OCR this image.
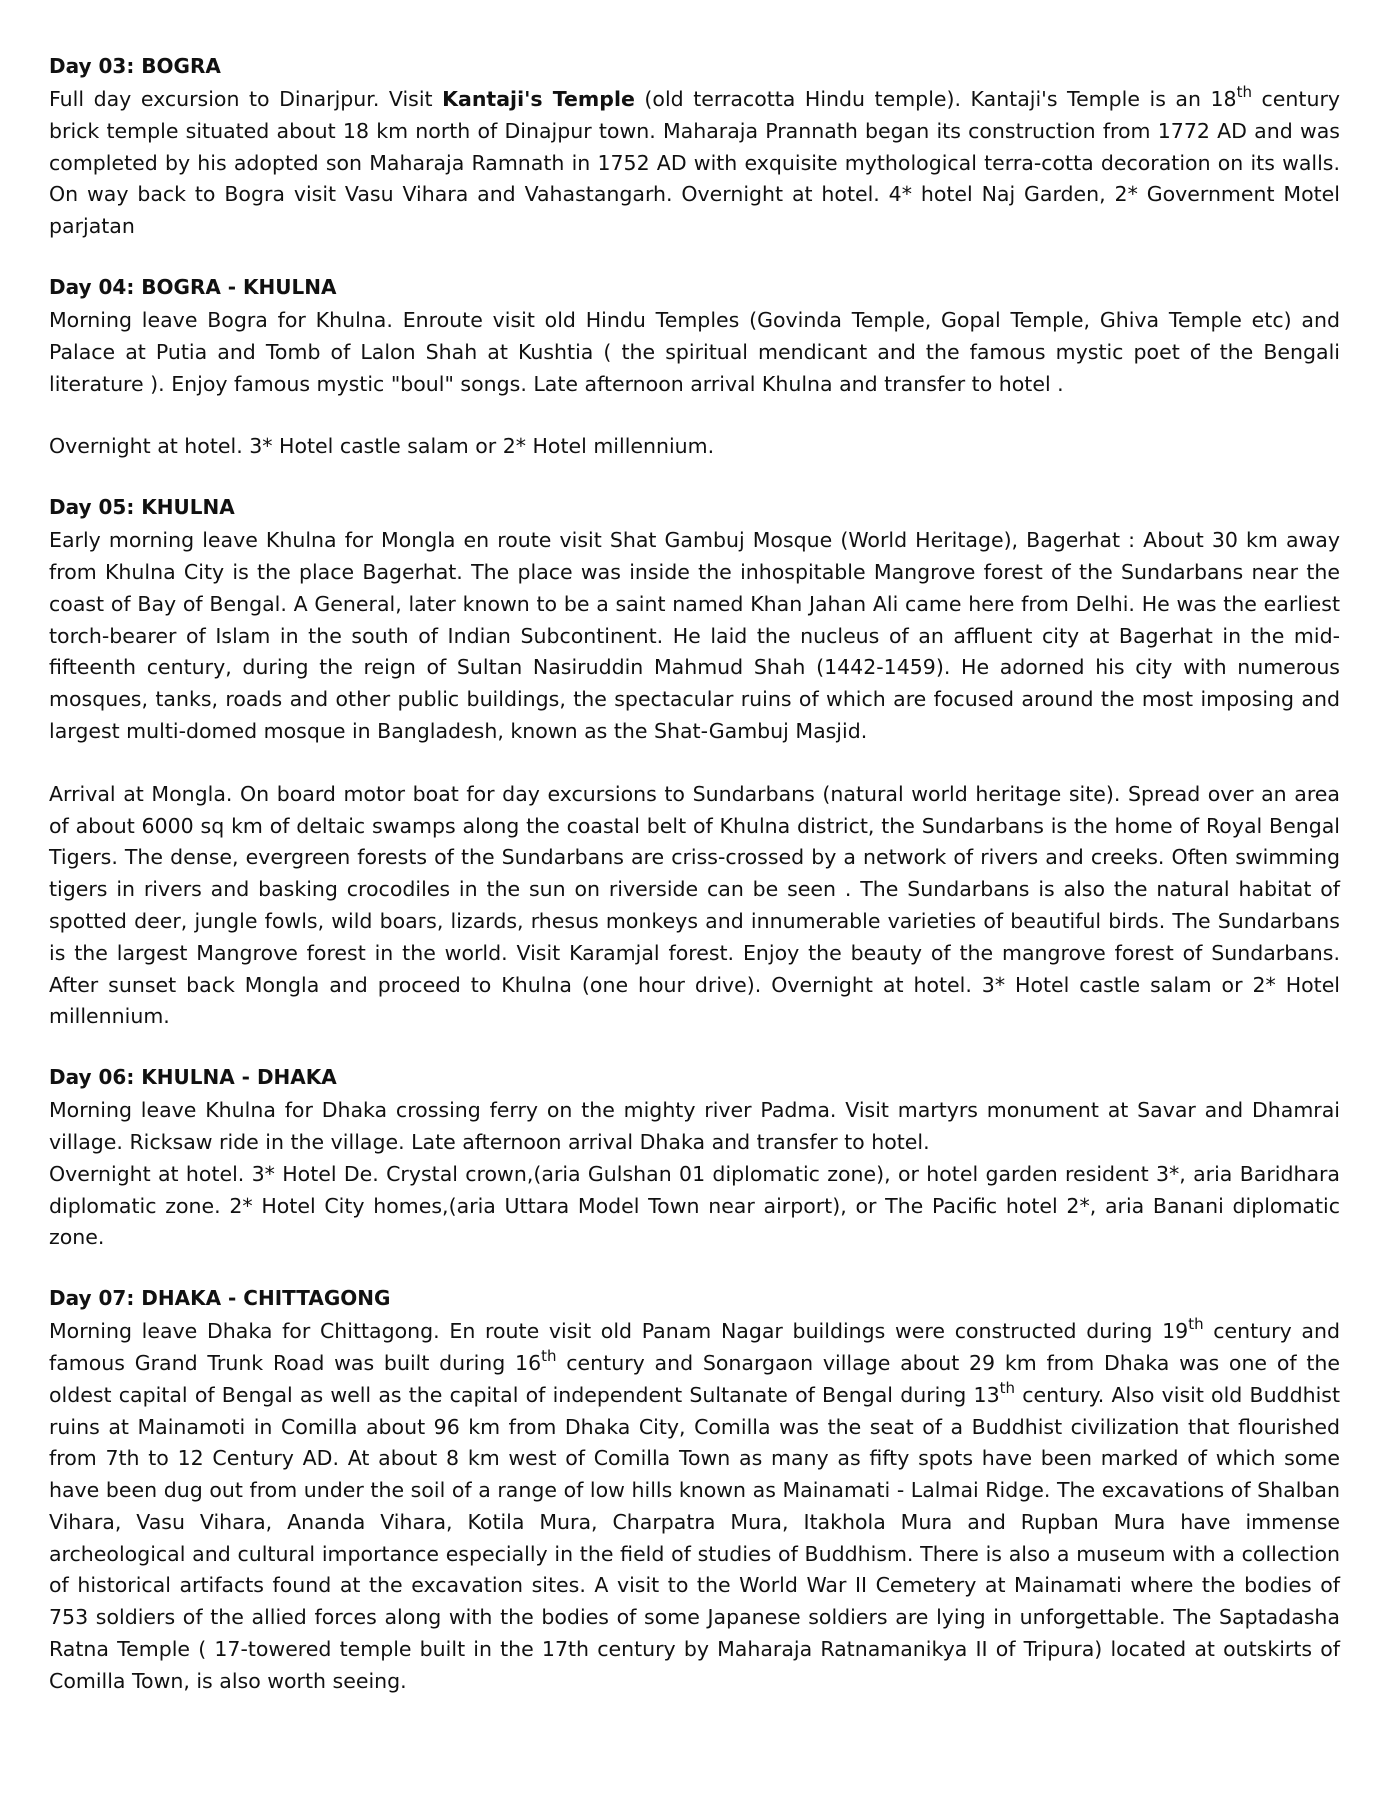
Day 03: BOGRA

Full day excursion to Dinarjpur. Visit Kantaji's Temple (old terracotta Hindu temple). Kantaji's Temple is an 18th century brick temple situated about 18 km north of Dinajpur town. Maharaja Prannath began its construction from 1772 AD and was completed by his adopted son Maharaja Ramnath in 1752 AD with exquisite mythological terra-cotta decoration on its walls. On way back to Bogra visit Vasu Vihara and Vahastangarh. Overnight at hotel. 4* hotel Naj Garden, 2* Government Motel parjatan

Day 04: BOGRA - KHULNA

Morning leave Bogra for Khulna. Enroute visit old Hindu Temples (Govinda Temple, Gopal Temple, Ghiva Temple etc) and Palace at Putia and Tomb of Lalon Shah at Kushtia ( the spiritual mendicant and the famous mystic poet of the Bengali literature ). Enjoy famous mystic "boul" songs. Late afternoon arrival Khulna and transfer to hotel .

Overnight at hotel. 3* Hotel castle salam or 2* Hotel millennium.

Day 05: KHULNA

Early morning leave Khulna for Mongla en route visit Shat Gambuj Mosque (World Heritage), Bagerhat : About 30 km away from Khulna City is the place Bagerhat. The place was inside the inhospitable Mangrove forest of the Sundarbans near the coast of Bay of Bengal. A General, later known to be a saint named Khan Jahan Ali came here from Delhi. He was the earliest torch-bearer of Islam in the south of Indian Subcontinent. He laid the nucleus of an affluent city at Bagerhat in the mid-fifteenth century, during the reign of Sultan Nasiruddin Mahmud Shah (1442-1459). He adorned his city with numerous mosques, tanks, roads and other public buildings, the spectacular ruins of which are focused around the most imposing and largest multi-domed mosque in Bangladesh, known as the Shat-Gambuj Masjid.

Arrival at Mongla. On board motor boat for day excursions to Sundarbans (natural world heritage site). Spread over an area of about 6000 sq km of deltaic swamps along the coastal belt of Khulna district, the Sundarbans is the home of Royal Bengal Tigers. The dense, evergreen forests of the Sundarbans are criss-crossed by a network of rivers and creeks. Often swimming tigers in rivers and basking crocodiles in the sun on riverside can be seen . The Sundarbans is also the natural habitat of spotted deer, jungle fowls, wild boars, lizards, rhesus monkeys and innumerable varieties of beautiful birds. The Sundarbans is the largest Mangrove forest in the world. Visit Karamjal forest. Enjoy the beauty of the mangrove forest of Sundarbans. After sunset back Mongla and proceed to Khulna (one hour drive). Overnight at hotel. 3* Hotel castle salam or 2* Hotel millennium.

Day 06: KHULNA - DHAKA

Morning leave Khulna for Dhaka crossing ferry on the mighty river Padma. Visit martyrs monument at Savar and Dhamrai village. Ricksaw ride in the village. Late afternoon arrival Dhaka and transfer to hotel.

Overnight at hotel. 3* Hotel De. Crystal crown,(aria Gulshan 01 diplomatic zone), or hotel garden resident 3*, aria Baridhara diplomatic zone. 2* Hotel City homes,(aria Uttara Model Town near airport), or The Pacific hotel 2*, aria Banani diplomatic zone.

Day 07: DHAKA - CHITTAGONG

Morning leave Dhaka for Chittagong. En route visit old Panam Nagar buildings were constructed during 19th century and famous Grand Trunk Road was built during 16th century and Sonargaon village about 29 km from Dhaka was one of the oldest capital of Bengal as well as the capital of independent Sultanate of Bengal during 13th century. Also visit old Buddhist ruins at Mainamoti in Comilla about 96 km from Dhaka City, Comilla was the seat of a Buddhist civilization that flourished from 7th to 12 Century AD. At about 8 km west of Comilla Town as many as fifty spots have been marked of which some have been dug out from under the soil of a range of low hills known as Mainamati - Lalmai Ridge. The excavations of Shalban Vihara, Vasu Vihara, Ananda Vihara, Kotila Mura, Charpatra Mura, Itakhola Mura and Rupban Mura have immense archeological and cultural importance especially in the field of studies of Buddhism. There is also a museum with a collection of historical artifacts found at the excavation sites. A visit to the World War II Cemetery at Mainamati where the bodies of 753 soldiers of the allied forces along with the bodies of some Japanese soldiers are lying in unforgettable. The Saptadasha Ratna Temple ( 17-towered temple built in the 17th century by Maharaja Ratnamanikya II of Tripura) located at outskirts of Comilla Town, is also worth seeing.
